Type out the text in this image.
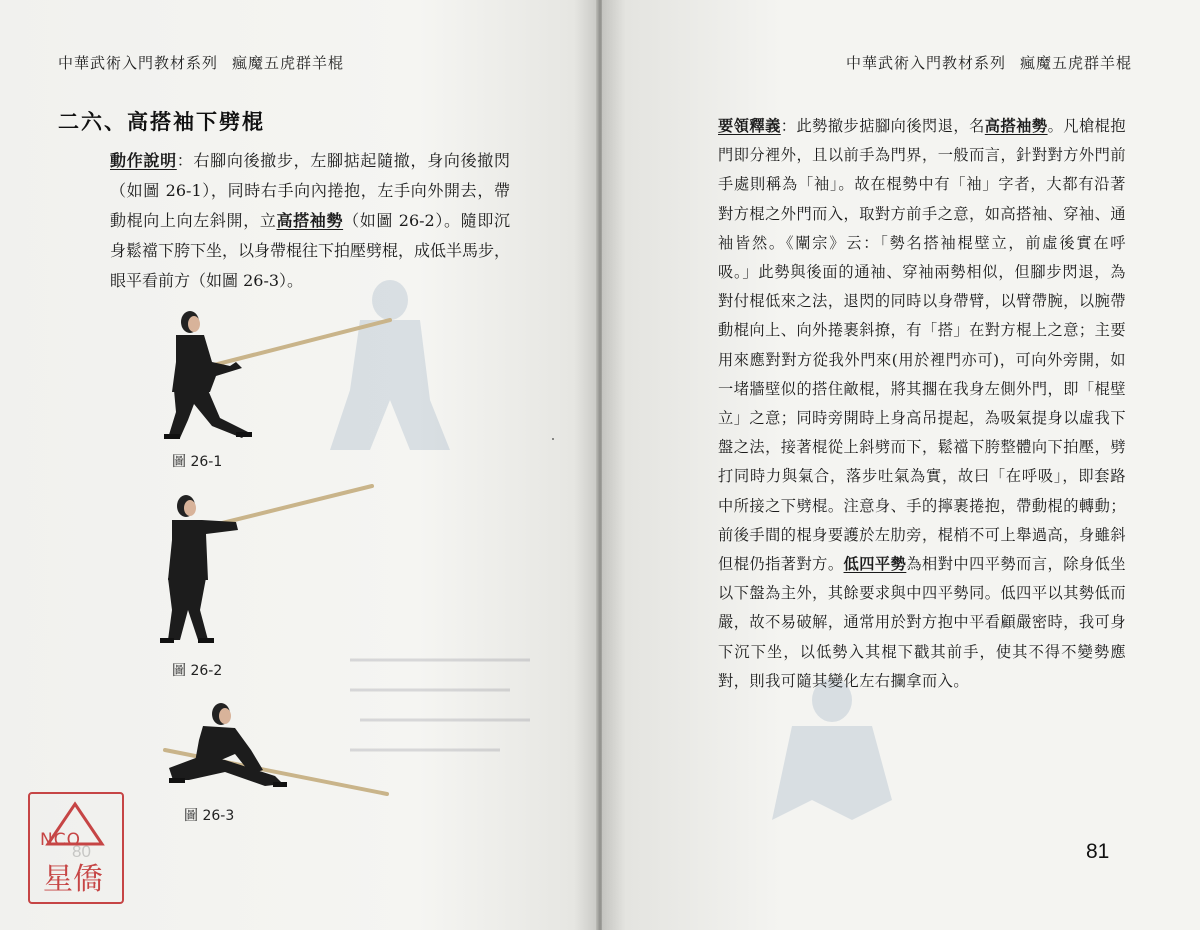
中華武術入門教材系列 瘋魔五虎群羊棍
二六、高搭袖下劈棍

動作說明：右腳向後撤步，左腳掂起隨撤，身向後撤閃（如圖 26-1），同時右手向內捲抱，左手向外開去，帶動棍向上向左斜開，立高搭袖勢（如圖 26-2）。隨即沉身鬆襠下胯下坐，以身帶棍往下拍壓劈棍，成低半馬步，眼平看前方（如圖 26-3）。

圖 26-1
圖 26-2
圖 26-3
NCO
星僑
中華武術入門教材系列 瘋魔五虎群羊棍

要領釋義：此勢撤步掂腳向後閃退，名高搭袖勢。凡槍棍抱門即分裡外，且以前手為門界，一般而言，針對對方外門前手處則稱為「袖」。故在棍勢中有「袖」字者，大都有沿著對方棍之外門而入，取對方前手之意，如高搭袖、穿袖、通袖皆然。《闡宗》云：「勢名搭袖棍壁立，前虛後實在呼吸。」此勢與後面的通袖、穿袖兩勢相似，但腳步閃退，為對付棍低來之法，退閃的同時以身帶臂，以臂帶腕，以腕帶動棍向上、向外捲裹斜撩，有「搭」在對方棍上之意；主要用來應對對方從我外門來(用於裡門亦可)，可向外旁開，如一堵牆壁似的搭住敵棍，將其擱在我身左側外門，即「棍壁立」之意；同時旁開時上身高吊提起，為吸氣提身以虛我下盤之法，接著棍從上斜劈而下，鬆襠下胯整體向下拍壓，劈打同時力與氣合，落步吐氣為實，故曰「在呼吸」，即套路中所接之下劈棍。注意身、手的擰裹捲抱，帶動棍的轉動；前後手間的棍身要護於左肋旁，棍梢不可上舉過高，身雖斜但棍仍指著對方。低四平勢為相對中四平勢而言，除身低坐以下盤為主外，其餘要求與中四平勢同。低四平以其勢低而嚴，故不易破解，通常用於對方抱中平看顧嚴密時，我可身下沉下坐，以低勢入其棍下戳其前手，使其不得不變勢應對，則我可隨其變化左右攔拿而入。

81
